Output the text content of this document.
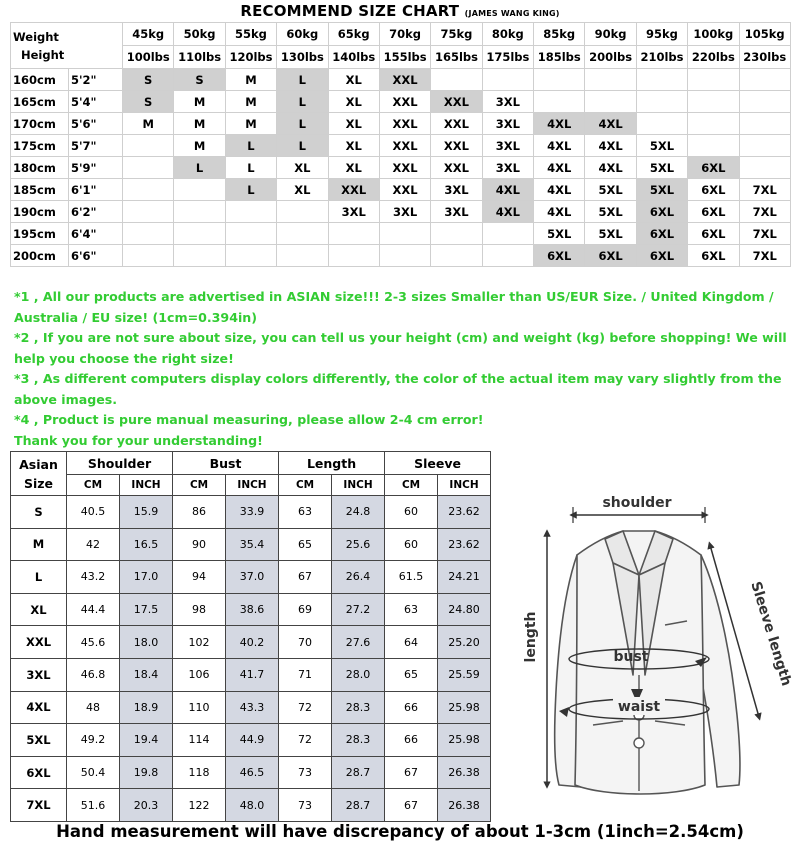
RECOMMEND SIZE CHART (JAMES WANG KING)
Weight
Height		45kg	50kg	55kg	60kg	65kg	70kg	75kg	80kg	85kg	90kg	95kg	100kg	105kg
		100lbs	110lbs	120lbs	130lbs	140lbs	155lbs	165lbs	175lbs	185lbs	200lbs	210lbs	220lbs	230lbs
160cm	5'2"	S	S	M	L	XL	XXL							
165cm	5'4"	S	M	M	L	XL	XXL	XXL	3XL					
170cm	5'6"	M	M	M	L	XL	XXL	XXL	3XL	4XL	4XL			
175cm	5'7"		M	L	L	XL	XXL	XXL	3XL	4XL	4XL	5XL		
180cm	5'9"		L	L	XL	XL	XXL	XXL	3XL	4XL	4XL	5XL	6XL	
185cm	6'1"			L	XL	XXL	XXL	3XL	4XL	4XL	5XL	5XL	6XL	7XL
190cm	6'2"					3XL	3XL	3XL	4XL	4XL	5XL	6XL	6XL	7XL
195cm	6'4"									5XL	5XL	6XL	6XL	7XL
200cm	6'6"									6XL	6XL	6XL	6XL	7XL

*1 , All our products are advertised in ASIAN size!!! 2-3 sizes Smaller than US/EUR Size. / United Kingdom / Australia / EU size! (1cm=0.394in)

*2 , If you are not sure about size, you can tell us your height (cm) and weight (kg) before shopping! We will help you choose the right size!

*3 , As different computers display colors differently, the color of the actual item may vary slightly from the above images.

*4 , Product is pure manual measuring, please allow 2-4 cm error!

Thank you for your understanding!

Asian
Size	Shoulder		Bust		Length		Sleeve	
	CM	INCH	CM	INCH	CM	INCH	CM	INCH
S	40.5	15.9	86	33.9	63	24.8	60	23.62
M	42	16.5	90	35.4	65	25.6	60	23.62
L	43.2	17.0	94	37.0	67	26.4	61.5	24.21
XL	44.4	17.5	98	38.6	69	27.2	63	24.80
XXL	45.6	18.0	102	40.2	70	27.6	64	25.20
3XL	46.8	18.4	106	41.7	71	28.0	65	25.59
4XL	48	18.9	110	43.3	72	28.3	66	25.98
5XL	49.2	19.4	114	44.9	72	28.3	66	25.98
6XL	50.4	19.8	118	46.5	73	28.7	67	26.38
7XL	51.6	20.3	122	48.0	73	28.7	67	26.38
shoulder
length	bust
waist
Sleeve length
Hand measurement will have discrepancy of about 1-3cm (1inch=2.54cm)
